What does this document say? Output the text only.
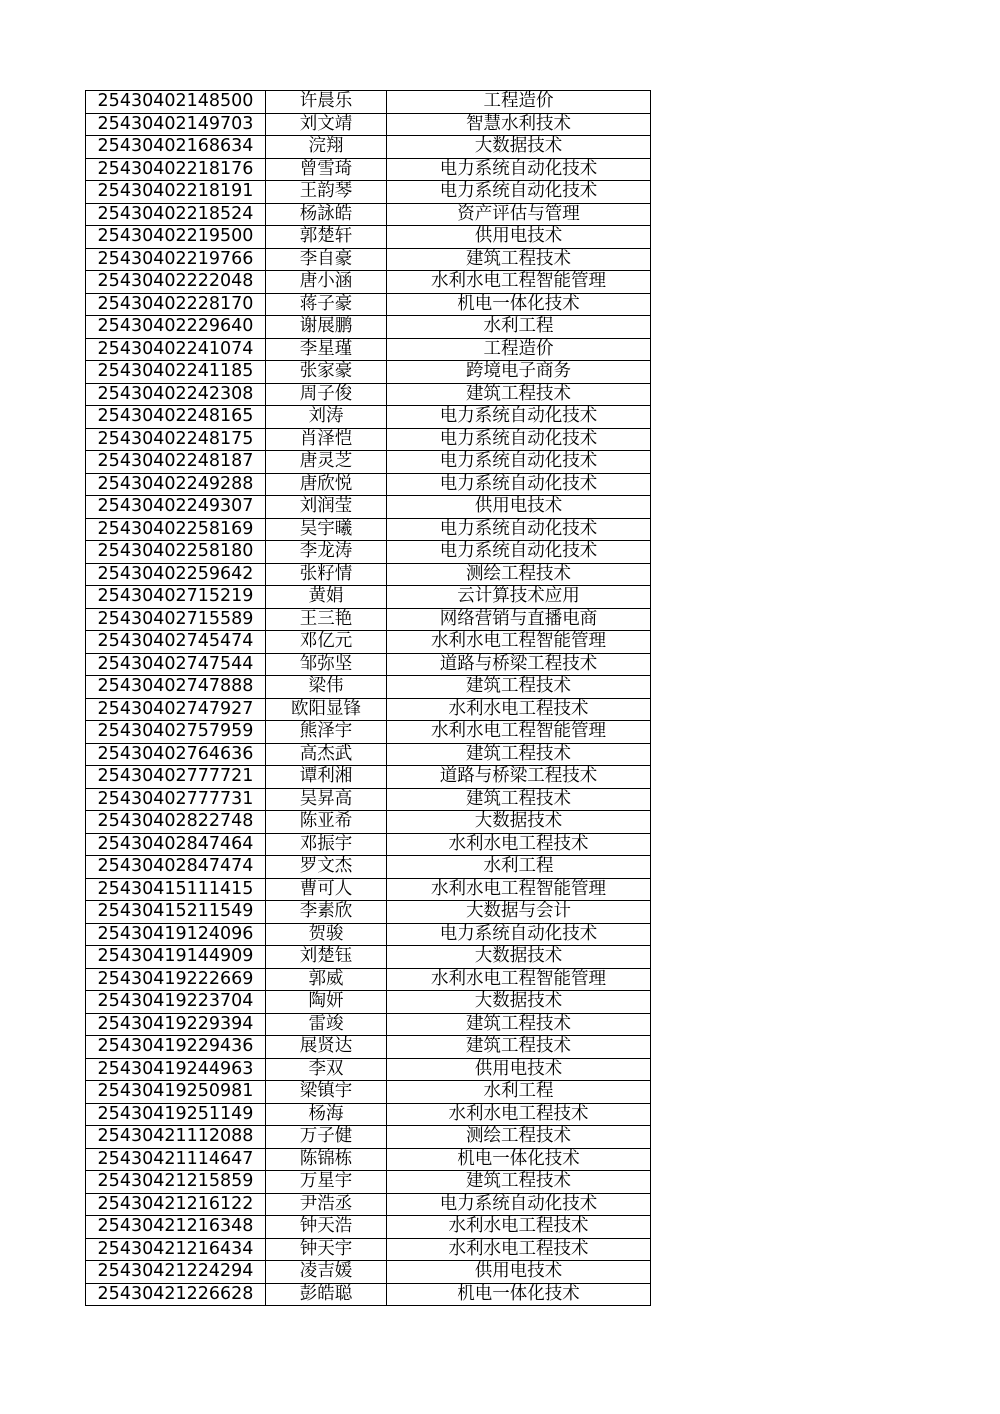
25430402148500	许晨乐	工程造价
25430402149703	刘文靖	智慧水利技术
25430402168634	浣翔	大数据技术
25430402218176	曾雪琦	电力系统自动化技术
25430402218191	王韵琴	电力系统自动化技术
25430402218524	杨詠皓	资产评估与管理
25430402219500	郭楚轩	供用电技术
25430402219766	李自豪	建筑工程技术
25430402222048	唐小涵	水利水电工程智能管理
25430402228170	蒋子豪	机电一体化技术
25430402229640	谢展鹏	水利工程
25430402241074	李星瑾	工程造价
25430402241185	张家豪	跨境电子商务
25430402242308	周子俊	建筑工程技术
25430402248165	刘涛	电力系统自动化技术
25430402248175	肖泽恺	电力系统自动化技术
25430402248187	唐灵芝	电力系统自动化技术
25430402249288	唐欣悦	电力系统自动化技术
25430402249307	刘润莹	供用电技术
25430402258169	吴宇曦	电力系统自动化技术
25430402258180	李龙涛	电力系统自动化技术
25430402259642	张籽情	测绘工程技术
25430402715219	黄娟	云计算技术应用
25430402715589	王三艳	网络营销与直播电商
25430402745474	邓亿元	水利水电工程智能管理
25430402747544	邹弥坚	道路与桥梁工程技术
25430402747888	梁伟	建筑工程技术
25430402747927	欧阳显锋	水利水电工程技术
25430402757959	熊泽宇	水利水电工程智能管理
25430402764636	高杰武	建筑工程技术
25430402777721	谭利湘	道路与桥梁工程技术
25430402777731	吴昇高	建筑工程技术
25430402822748	陈亚希	大数据技术
25430402847464	邓振宇	水利水电工程技术
25430402847474	罗文杰	水利工程
25430415111415	曹可人	水利水电工程智能管理
25430415211549	李素欣	大数据与会计
25430419124096	贺骏	电力系统自动化技术
25430419144909	刘楚钰	大数据技术
25430419222669	郭威	水利水电工程智能管理
25430419223704	陶妍	大数据技术
25430419229394	雷竣	建筑工程技术
25430419229436	展贤达	建筑工程技术
25430419244963	李双	供用电技术
25430419250981	梁镇宇	水利工程
25430419251149	杨海	水利水电工程技术
25430421112088	万子健	测绘工程技术
25430421114647	陈锦栋	机电一体化技术
25430421215859	万星宇	建筑工程技术
25430421216122	尹浩丞	电力系统自动化技术
25430421216348	钟天浩	水利水电工程技术
25430421216434	钟天宇	水利水电工程技术
25430421224294	凌吉媛	供用电技术
25430421226628	彭皓聪	机电一体化技术
